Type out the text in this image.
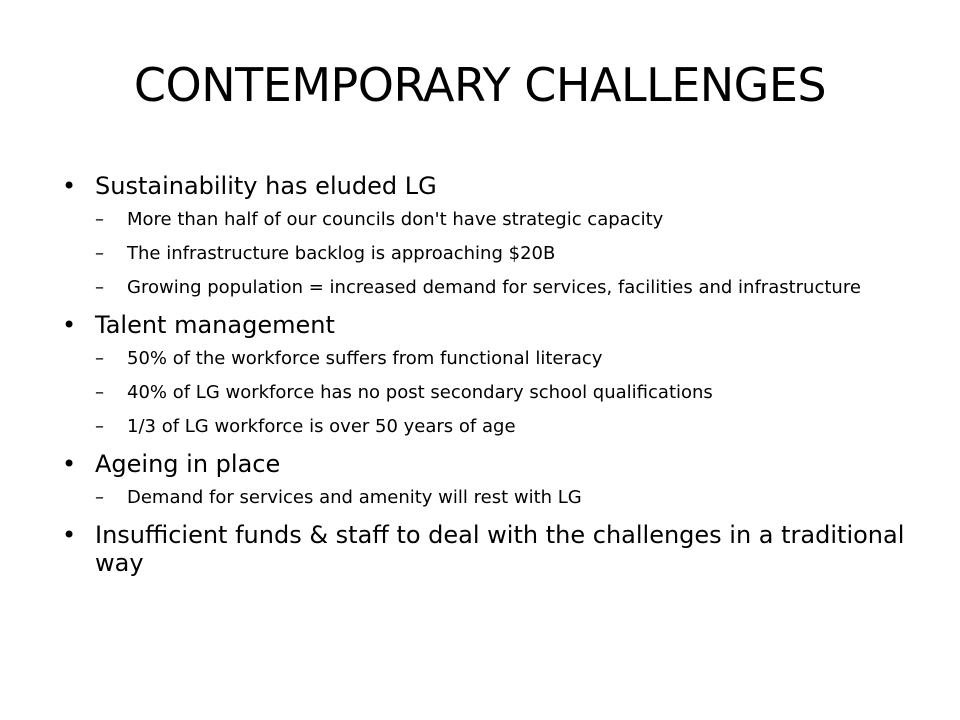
CONTEMPORARY CHALLENGES
• Sustainability has eluded LG
– More than half of our councils don't have strategic capacity
– The infrastructure backlog is approaching $20B
– Growing population = increased demand for services, facilities and infrastructure
• Talent management
– 50% of the workforce suffers from functional literacy
– 40% of LG workforce has no post secondary school qualifications
– 1/3 of LG workforce is over 50 years of age
• Ageing in place
– Demand for services and amenity will rest with LG
• Insufficient funds & staff to deal with the challenges in a traditional way
